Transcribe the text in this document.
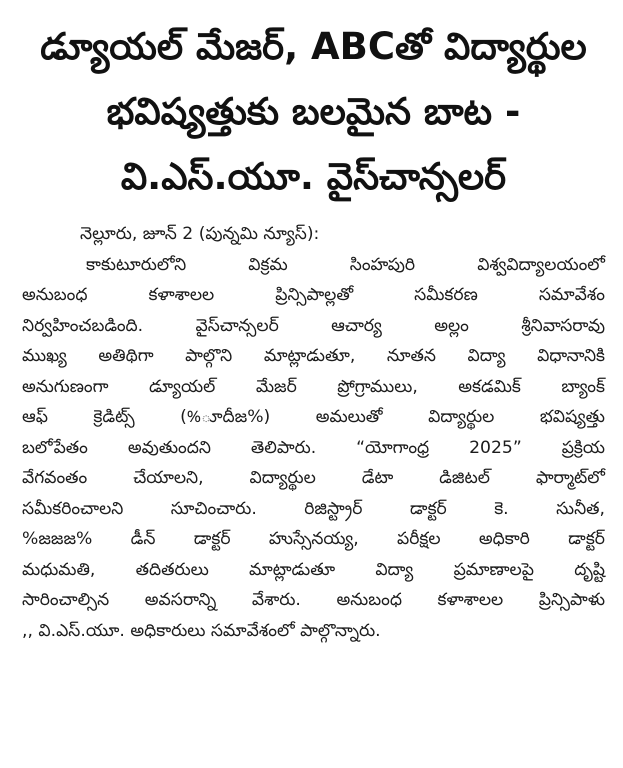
డ్యూయల్ మేజర్, ABCతో విద్యార్థుల
భవిష్యత్తుకు బలమైన బాట -
వి.ఎస్.యూ. వైస్‌చాన్సలర్
నెల్లూరు, జూన్ 2 (పున్నమి న్యూస్):
కాకుటూరులోని విక్రమ సింహపురి విశ్వవిద్యాలయంలో
అనుబంధ కళాశాలల ప్రిన్సిపాల్లతో సమీకరణ సమావేశం
నిర్వహించబడింది. వైస్‌చాన్సలర్ ఆచార్య అల్లం శ్రీనివాసరావు
ముఖ్య అతిథిగా పాల్గొని మాట్లాడుతూ, నూతన విద్యా విధానానికి
అనుగుణంగా డ్యూయల్ మేజర్ ప్రోగ్రాములు, అకడమిక్ బ్యాంక్
ఆఫ్ క్రెడిట్స్ (%ూదీజ%) అమలుతో విద్యార్థుల భవిష్యత్తు
బలోపేతం అవుతుందని తెలిపారు. “యోగాంధ్ర 2025” ప్రక్రియ
వేగవంతం చేయాలని, విద్యార్థుల డేటా డిజిటల్ ఫార్మాట్‌లో
సమీకరించాలని సూచించారు. రిజిస్ట్రార్ డాక్టర్ కె. సునీత,
%జజజ% డీన్ డాక్టర్ హుస్సేనయ్య, పరీక్షల అధికారి డాక్టర్
మధుమతి, తదితరులు మాట్లాడుతూ విద్యా ప్రమాణాలపై దృష్టి
సారించాల్సిన అవసరాన్ని వేశారు. అనుబంధ కళాశాలల ప్రిన్సిపాళు
,, వి.ఎస్.యూ. అధికారులు సమావేశంలో పాల్గొన్నారు.
